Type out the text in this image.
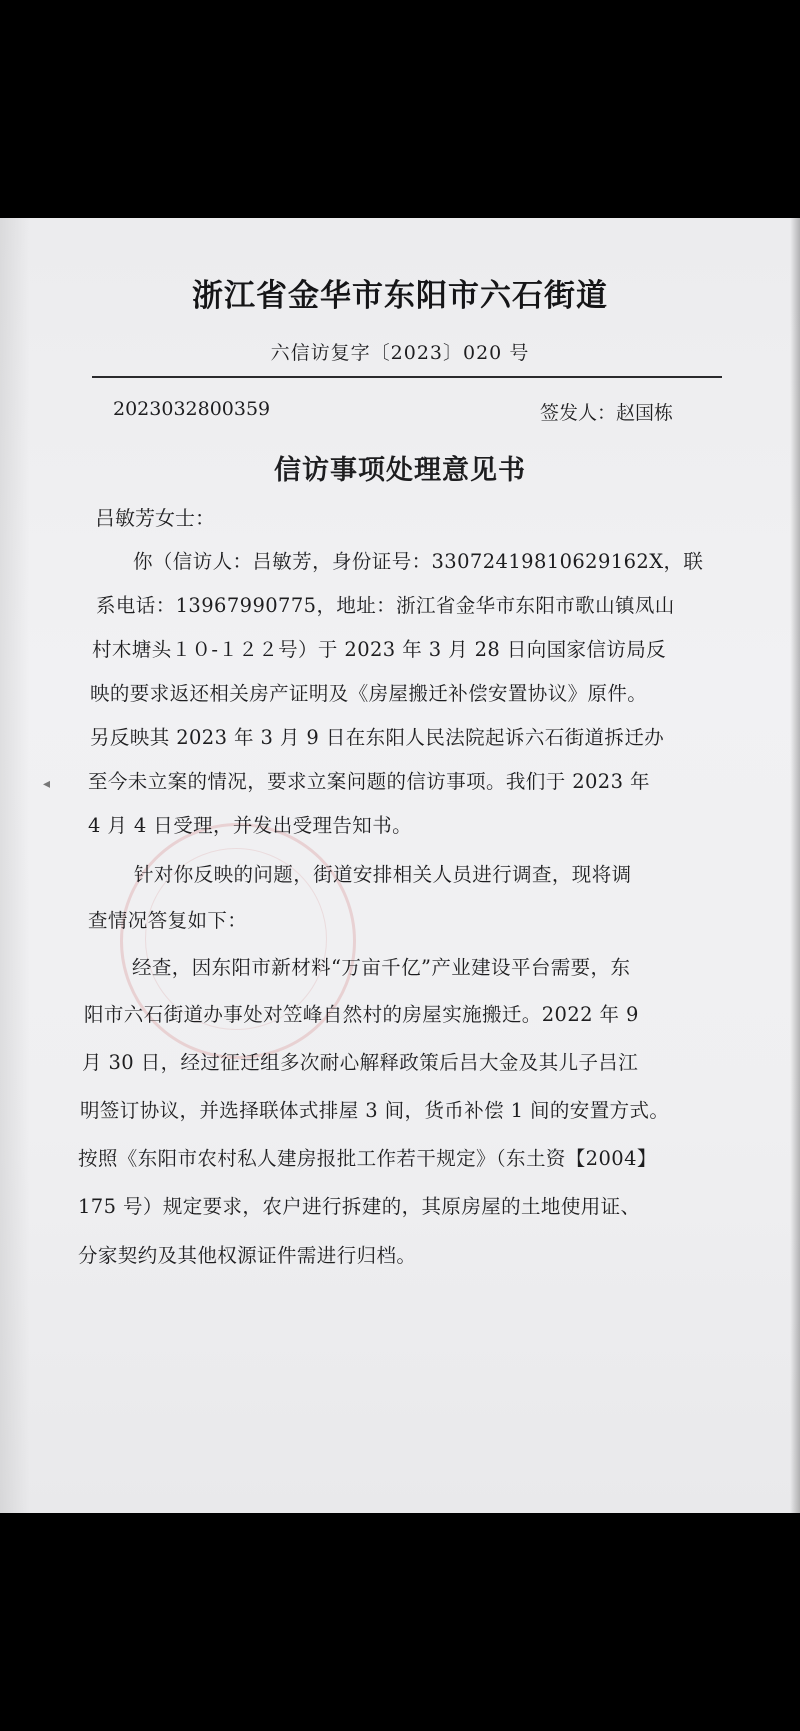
浙江省金华市东阳市六石街道
六信访复字〔2023〕020 号
2023032800359	签发人：赵国栋
信访事项处理意见书
吕敏芳女士：
◂
你（信访人：吕敏芳，身份证号：330724198106291​62X，联
系电话：13967990775，地址：浙江省金华市东阳市歌山镇凤山
村木塘头１０-１２２号）于 2023 年 3 月 28 日向国家信访局反
映的要求返还相关房产证明及《房屋搬迁补偿安置协议》原件。
另反映其 2023 年 3 月 9 日在东阳人民法院起诉六石街道拆迁办
至今未立案的情况，要求立案问题的信访事项。我们于 2023 年
4 月 4 日受理，并发出受理告知书。
针对你反映的问题，街道安排相关人员进行调查，现将调
查情况答复如下：
经查，因东阳市新材料“万亩千亿”产业建设平台需要，东
阳市六石街道办事处对笠峰自然村的房屋实施搬迁。2022 年 9
月 30 日，经过征迁组多次耐心解释政策后吕大金及其儿子吕江
明签订协议，并选择联体式排屋 3 间，货币补偿 1 间的安置方式。
按照《东阳市农村私人建房报批工作若干规定》（东土资【2004】
175 号）规定要求，农户进行拆建的，其原房屋的土地使用证、
分家契约及其他权源证件需进行归档。
